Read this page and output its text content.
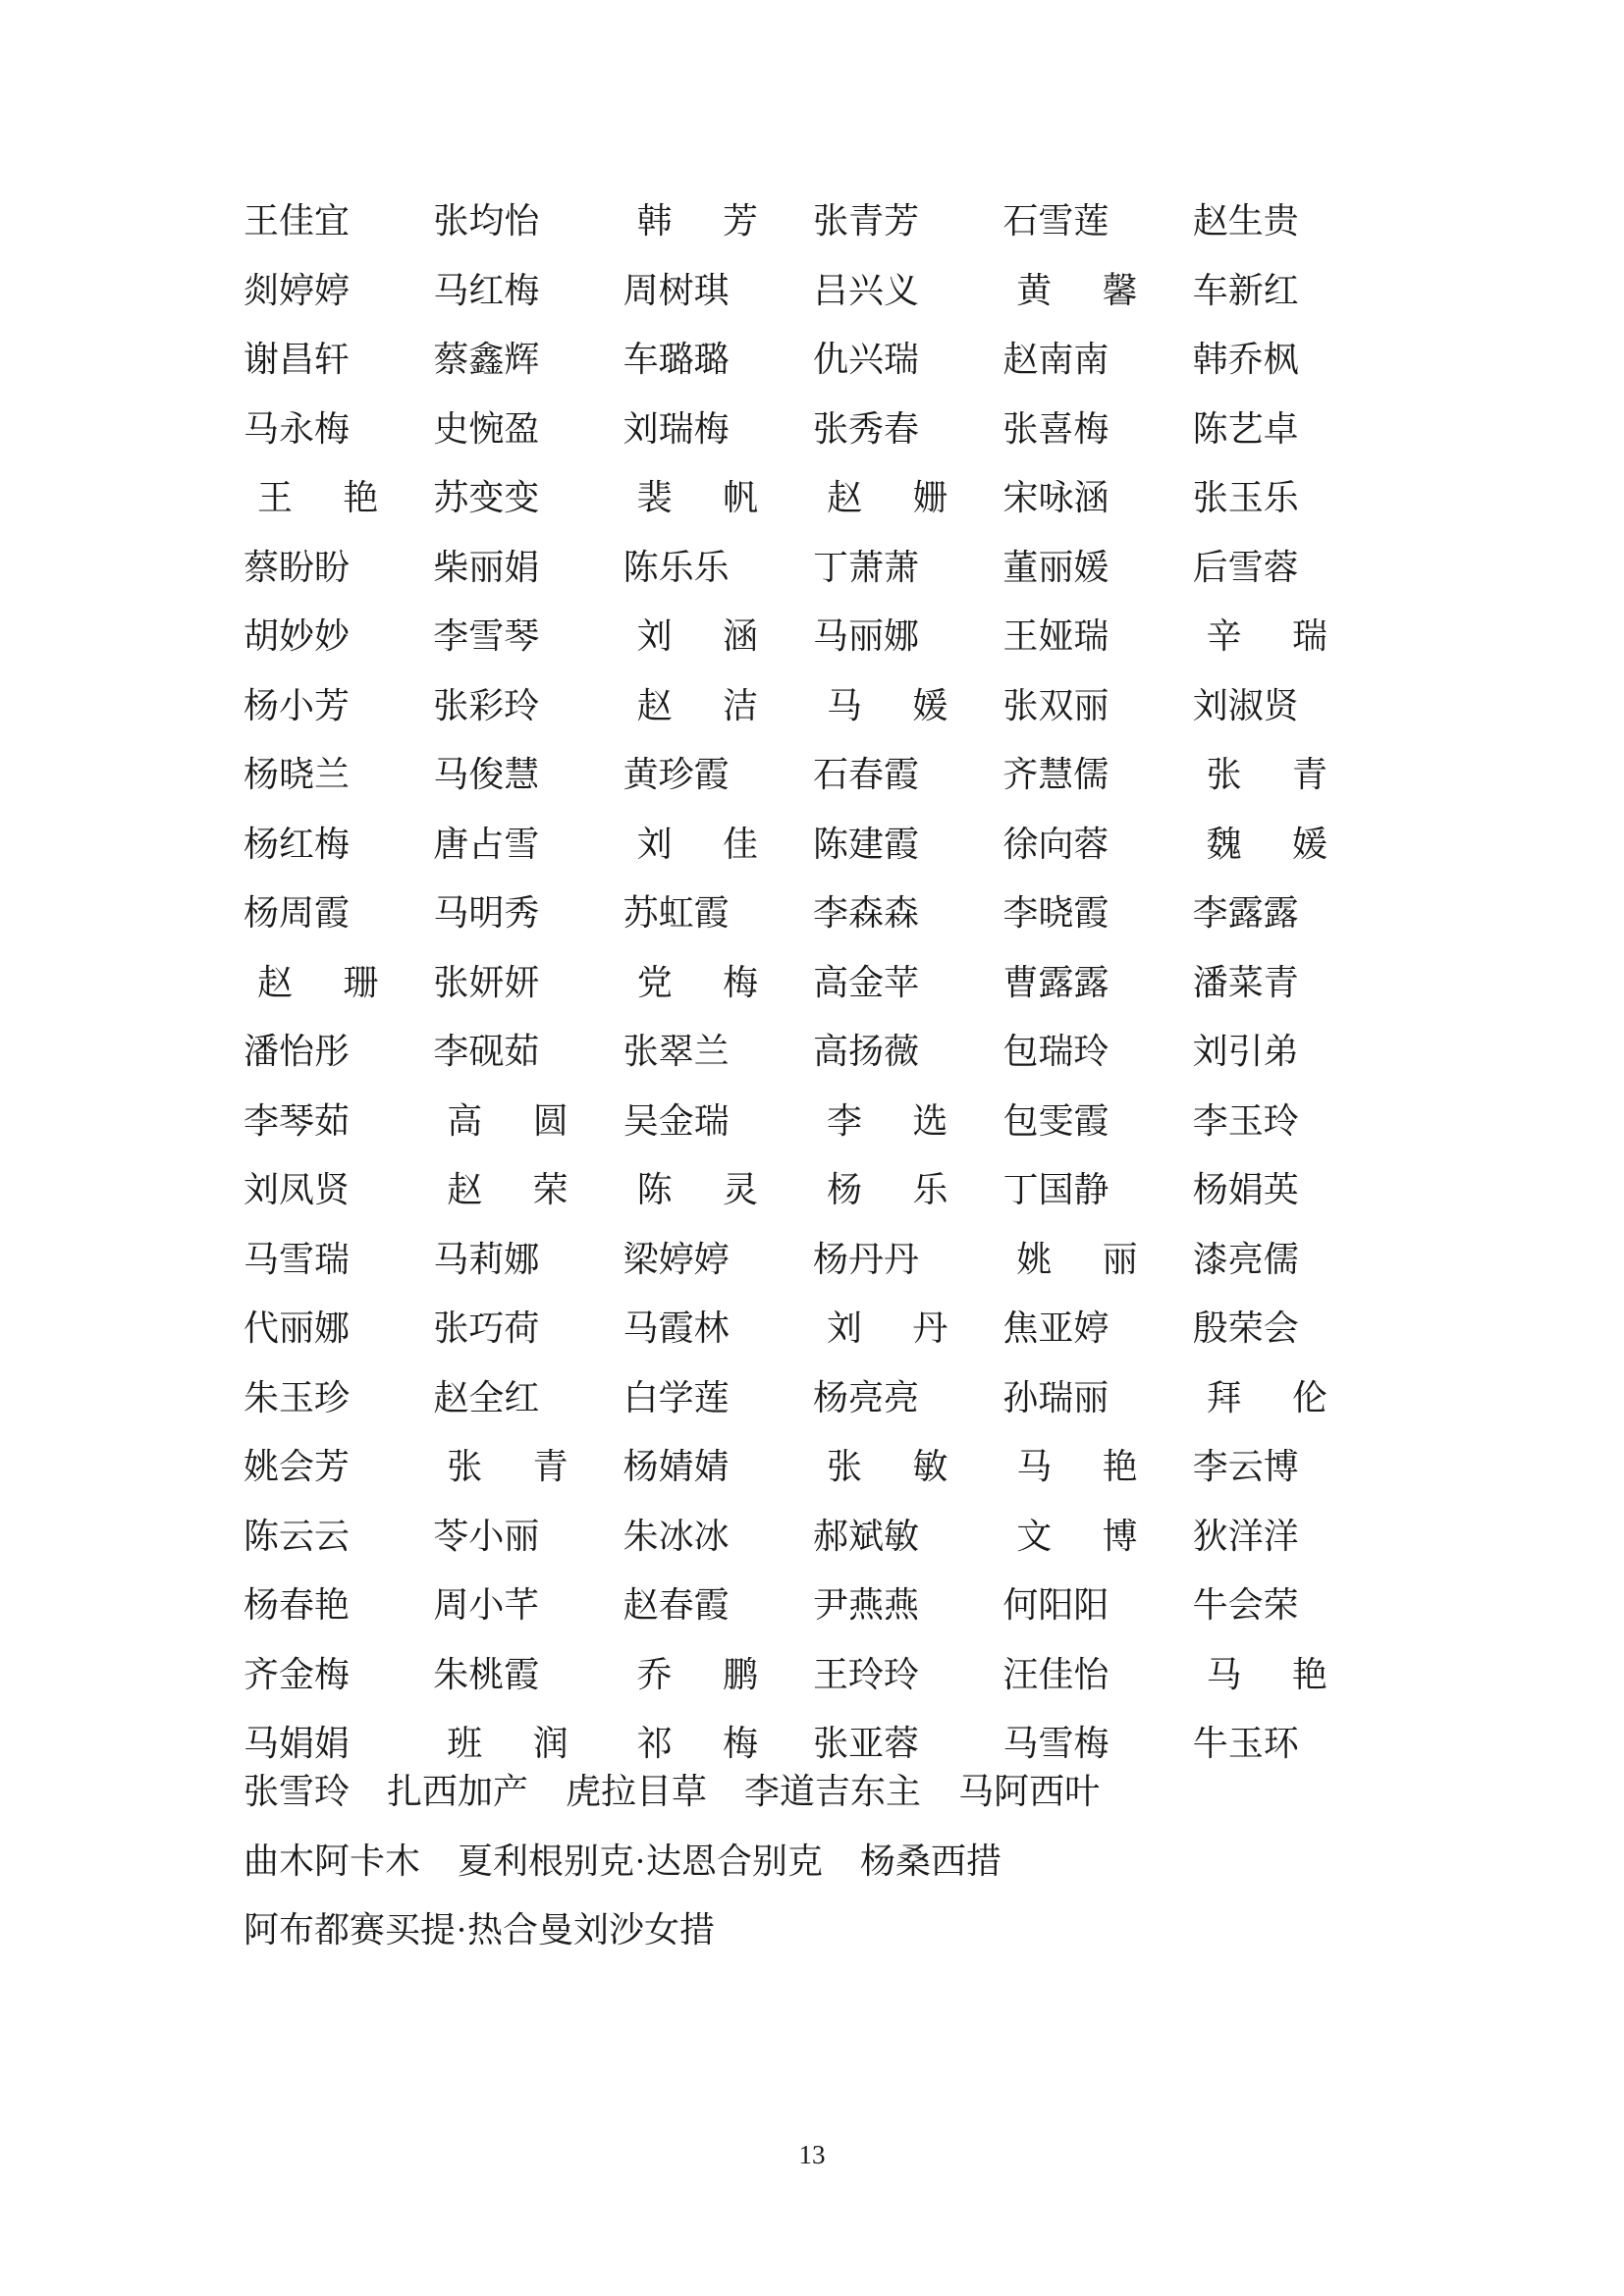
王佳宜	张均怡	韩 芳 张青芳	石雪莲	赵生贵
剡婷婷	马红梅	周树琪	吕兴义	黄 馨 车新红
谢昌轩	蔡鑫辉	车璐璐	仇兴瑞	赵南南	韩乔枫
马永梅	史惋盈	刘瑞梅	张秀春	张喜梅	陈艺卓
王 艳 苏变变	裴 帆 赵 姗 宋咏涵	张玉乐
蔡盼盼	柴丽娟	陈乐乐	丁萧萧	董丽媛	后雪蓉
胡妙妙	李雪琴	刘 涵 马丽娜	王娅瑞	辛 瑞
杨小芳	张彩玲	赵 洁 马 媛 张双丽	刘淑贤
杨晓兰	马俊慧	黄珍霞	石春霞	齐慧儒	张 青
杨红梅	唐占雪	刘 佳 陈建霞	徐向蓉	魏 媛
杨周霞	马明秀	苏虹霞	李森森	李晓霞	李露露
赵 珊 张妍妍	党 梅 高金苹	曹露露	潘菜青
潘怡彤	李砚茹	张翠兰	高扬薇	包瑞玲	刘引弟
李琴茹	高 圆 吴金瑞	李 选 包雯霞	李玉玲
刘凤贤	赵 荣 陈 灵 杨 乐 丁国静	杨娟英
马雪瑞	马莉娜	梁婷婷	杨丹丹	姚 丽 漆亮儒
代丽娜	张巧荷	马霞林	刘 丹 焦亚婷	殷荣会
朱玉珍	赵全红	白学莲	杨亮亮	孙瑞丽	拜 伦
姚会芳	张 青 杨婧婧	张 敏 马 艳 李云博
陈云云	苓小丽	朱冰冰	郝斌敏	文 博 狄洋洋
杨春艳	周小芊	赵春霞	尹燕燕	何阳阳	牛会荣
齐金梅	朱桃霞	乔 鹏 王玲玲	汪佳怡	马 艳
马娟娟	班 润 祁 梅 张亚蓉	马雪梅	牛玉环
张雪玲 扎西加产 虎拉目草 李道吉东主 马阿西叶
曲木阿卡木 夏利根别克·达恩合别克 杨桑西措
阿布都赛买提·热合曼刘沙女措
13
